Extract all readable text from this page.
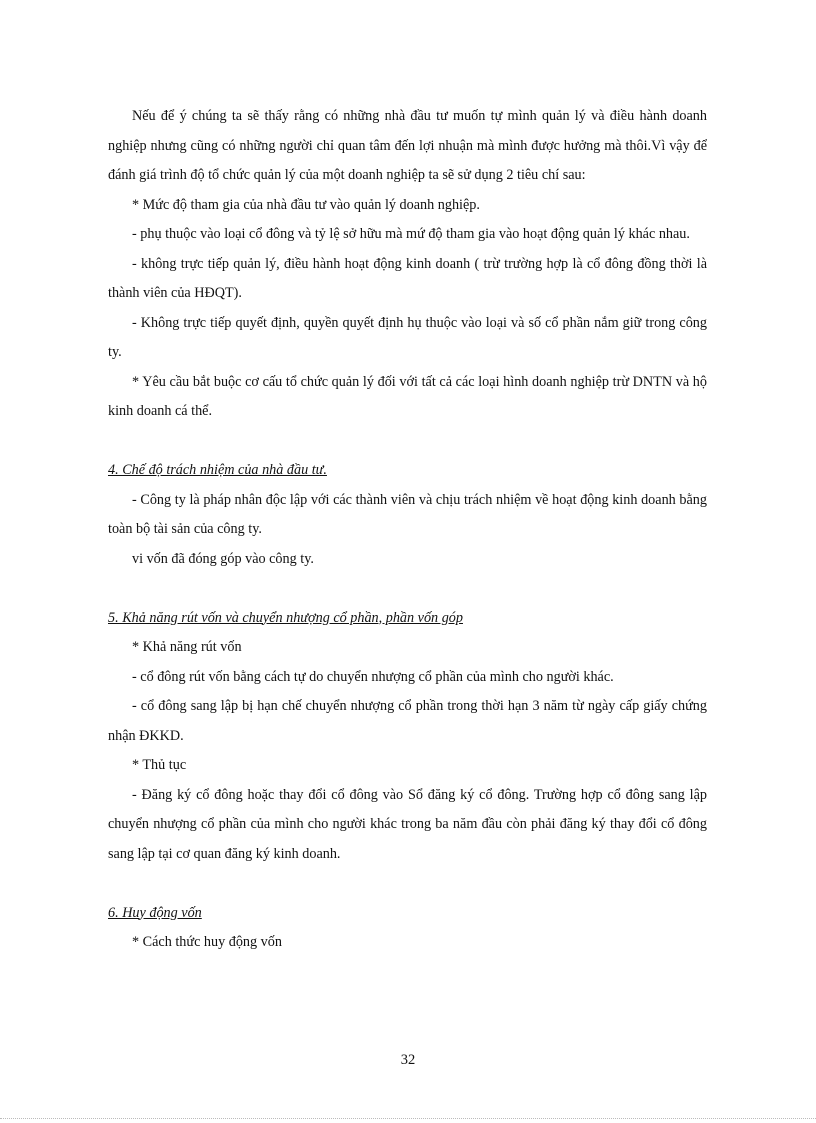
Nếu để ý chúng ta sẽ thấy rằng có những nhà đầu tư muốn tự mình quản lý và điều hành doanh nghiệp nhưng cũng có những người chỉ quan tâm đến lợi nhuận mà mình được hưởng mà thôi.Vì vậy để đánh giá trình độ tổ chức quản lý của một doanh nghiệp ta sẽ sử dụng 2 tiêu chí sau:

* Mức độ tham gia của nhà đầu tư vào quản lý doanh nghiệp.

- phụ thuộc vào loại cổ đông và tỷ lệ sở hữu mà mứ độ tham gia vào hoạt động quản lý khác nhau.

- không trực tiếp quản lý, điều hành hoạt động kinh doanh ( trừ trường hợp là cổ đông đồng thời là thành viên của HĐQT).

- Không trực tiếp quyết định, quyền quyết định hụ thuộc vào loại và số cổ phần nắm giữ trong công ty.

* Yêu cầu bắt buộc cơ cấu tổ chức quản lý đối với tất cả các loại hình doanh nghiệp trừ DNTN và hộ kinh doanh cá thể.

4. Chế độ trách nhiệm của nhà đầu tư.

- Công ty là pháp nhân độc lập với các thành viên và chịu trách nhiệm về hoạt động kinh doanh bằng toàn bộ tài sản của công ty.

vi vốn đã đóng góp vào công ty.

5. Khả năng rút vốn và chuyển nhượng cổ phần, phần vốn góp

* Khả năng rút vốn

- cổ đông rút vốn bằng cách tự do chuyển nhượng cổ phần của mình cho người khác.

- cổ đông sang lập bị hạn chế chuyển nhượng cổ phần trong thời hạn 3 năm từ ngày cấp giấy chứng nhận ĐKKD.

* Thủ tục

- Đăng ký cổ đông hoặc thay đổi cổ đông vào Sổ đăng ký cổ đông. Trường hợp cổ đông sang lập chuyển nhượng cổ phần của mình cho người khác trong ba năm đầu còn phải đăng ký thay đổi cổ đông sang lập tại cơ quan đăng ký kinh doanh.

6. Huy động vốn

* Cách thức huy động vốn

32
